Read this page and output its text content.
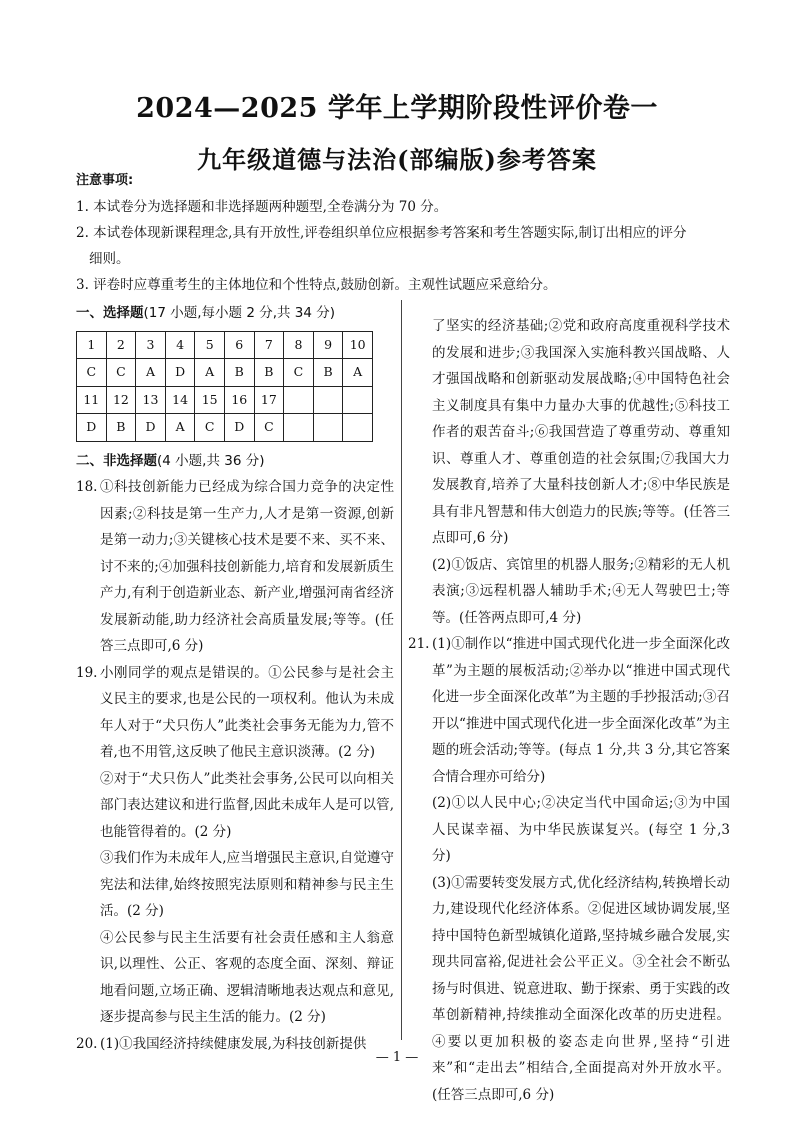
2024—2025 学年上学期阶段性评价卷一
九年级道德与法治(部编版)参考答案
注意事项:
1. 本试卷分为选择题和非选择题两种题型,全卷满分为 70 分。
2. 本试卷体现新课程理念,具有开放性,评卷组织单位应根据参考答案和考生答题实际,制订出相应的评分
细则。
3. 评卷时应尊重考生的主体地位和个性特点,鼓励创新。主观性试题应采意给分。
一、选择题(17 小题,每小题 2 分,共 34 分)
1	2	3	4	5	6	7	8	9	10
C	C	A	D	A	B	B	C	B	A
11	12	13	14	15	16	17			
D	B	D	A	C	D	C			
二、非选择题(4 小题,共 36 分)
18. ①科技创新能力已经成为综合国力竞争的决定性因素;②科技是第一生产力,人才是第一资源,创新是第一动力;③关键核心技术是要不来、买不来、讨不来的;④加强科技创新能力,培育和发展新质生产力,有利于创造新业态、新产业,增强河南省经济发展新动能,助力经济社会高质量发展;等等。(任答三点即可,6 分)
19. 小刚同学的观点是错误的。①公民参与是社会主义民主的要求,也是公民的一项权利。他认为未成年人对于“犬只伤人”此类社会事务无能为力,管不着,也不用管,这反映了他民主意识淡薄。(2 分)
②对于“犬只伤人”此类社会事务,公民可以向相关部门表达建议和进行监督,因此未成年人是可以管,也能管得着的。(2 分)
③我们作为未成年人,应当增强民主意识,自觉遵守宪法和法律,始终按照宪法原则和精神参与民主生活。(2 分)
④公民参与民主生活要有社会责任感和主人翁意识,以理性、公正、客观的态度全面、深刻、辩证地看问题,立场正确、逻辑清晰地表达观点和意见,逐步提高参与民主生活的能力。(2 分)
20. (1)①我国经济持续健康发展,为科技创新提供
了坚实的经济基础;②党和政府高度重视科学技术的发展和进步;③我国深入实施科教兴国战略、人才强国战略和创新驱动发展战略;④中国特色社会主义制度具有集中力量办大事的优越性;⑤科技工作者的艰苦奋斗;⑥我国营造了尊重劳动、尊重知识、尊重人才、尊重创造的社会氛围;⑦我国大力发展教育,培养了大量科技创新人才;⑧中华民族是具有非凡智慧和伟大创造力的民族;等等。(任答三点即可,6 分)
(2)①饭店、宾馆里的机器人服务;②精彩的无人机表演;③远程机器人辅助手术;④无人驾驶巴士;等等。(任答两点即可,4 分)
21. (1)①制作以“推进中国式现代化进一步全面深化改革”为主题的展板活动;②举办以“推进中国式现代化进一步全面深化改革”为主题的手抄报活动;③召开以“推进中国式现代化进一步全面深化改革”为主题的班会活动;等等。(每点 1 分,共 3 分,其它答案合情合理亦可给分)
(2)①以人民中心;②决定当代中国命运;③为中国人民谋幸福、为中华民族谋复兴。(每空 1 分,3 分)
(3)①需要转变发展方式,优化经济结构,转换增长动力,建设现代化经济体系。②促进区域协调发展,坚持中国特色新型城镇化道路,坚持城乡融合发展,实现共同富裕,促进社会公平正义。③全社会不断弘扬与时俱进、锐意进取、勤于探索、勇于实践的改革创新精神,持续推动全面深化改革的历史进程。④要以更加积极的姿态走向世界,坚持“引进来”和“走出去”相结合,全面提高对外开放水平。(任答三点即可,6 分)
— 1 —
